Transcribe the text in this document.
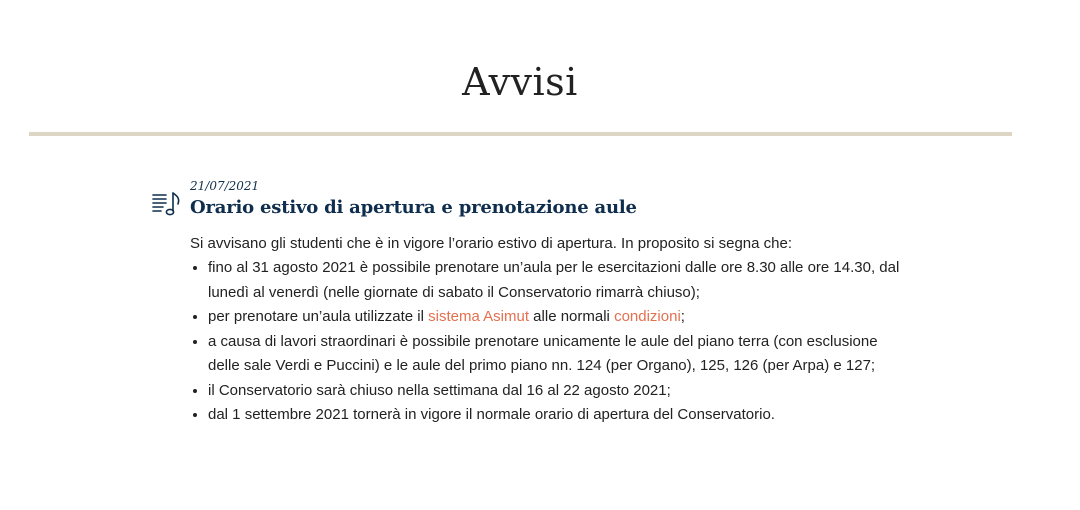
Avvisi

21/07/2021

Orario estivo di apertura e prenotazione aule

Si avvisano gli studenti che è in vigore l’orario estivo di apertura. In proposito si segna che:

• fino al 31 agosto 2021 è possibile prenotare un’aula per le esercitazioni dalle ore 8.30 alle ore 14.30, dal lunedì al venerdì (nelle giornate di sabato il Conservatorio rimarrà chiuso);
• per prenotare un’aula utilizzate il sistema Asimut alle normali condizioni;
• a causa di lavori straordinari è possibile prenotare unicamente le aule del piano terra (con esclusione delle sale Verdi e Puccini) e le aule del primo piano nn. 124 (per Organo), 125, 126 (per Arpa) e 127;
• il Conservatorio sarà chiuso nella settimana dal 16 al 22 agosto 2021;
• dal 1 settembre 2021 tornerà in vigore il normale orario di apertura del Conservatorio.
